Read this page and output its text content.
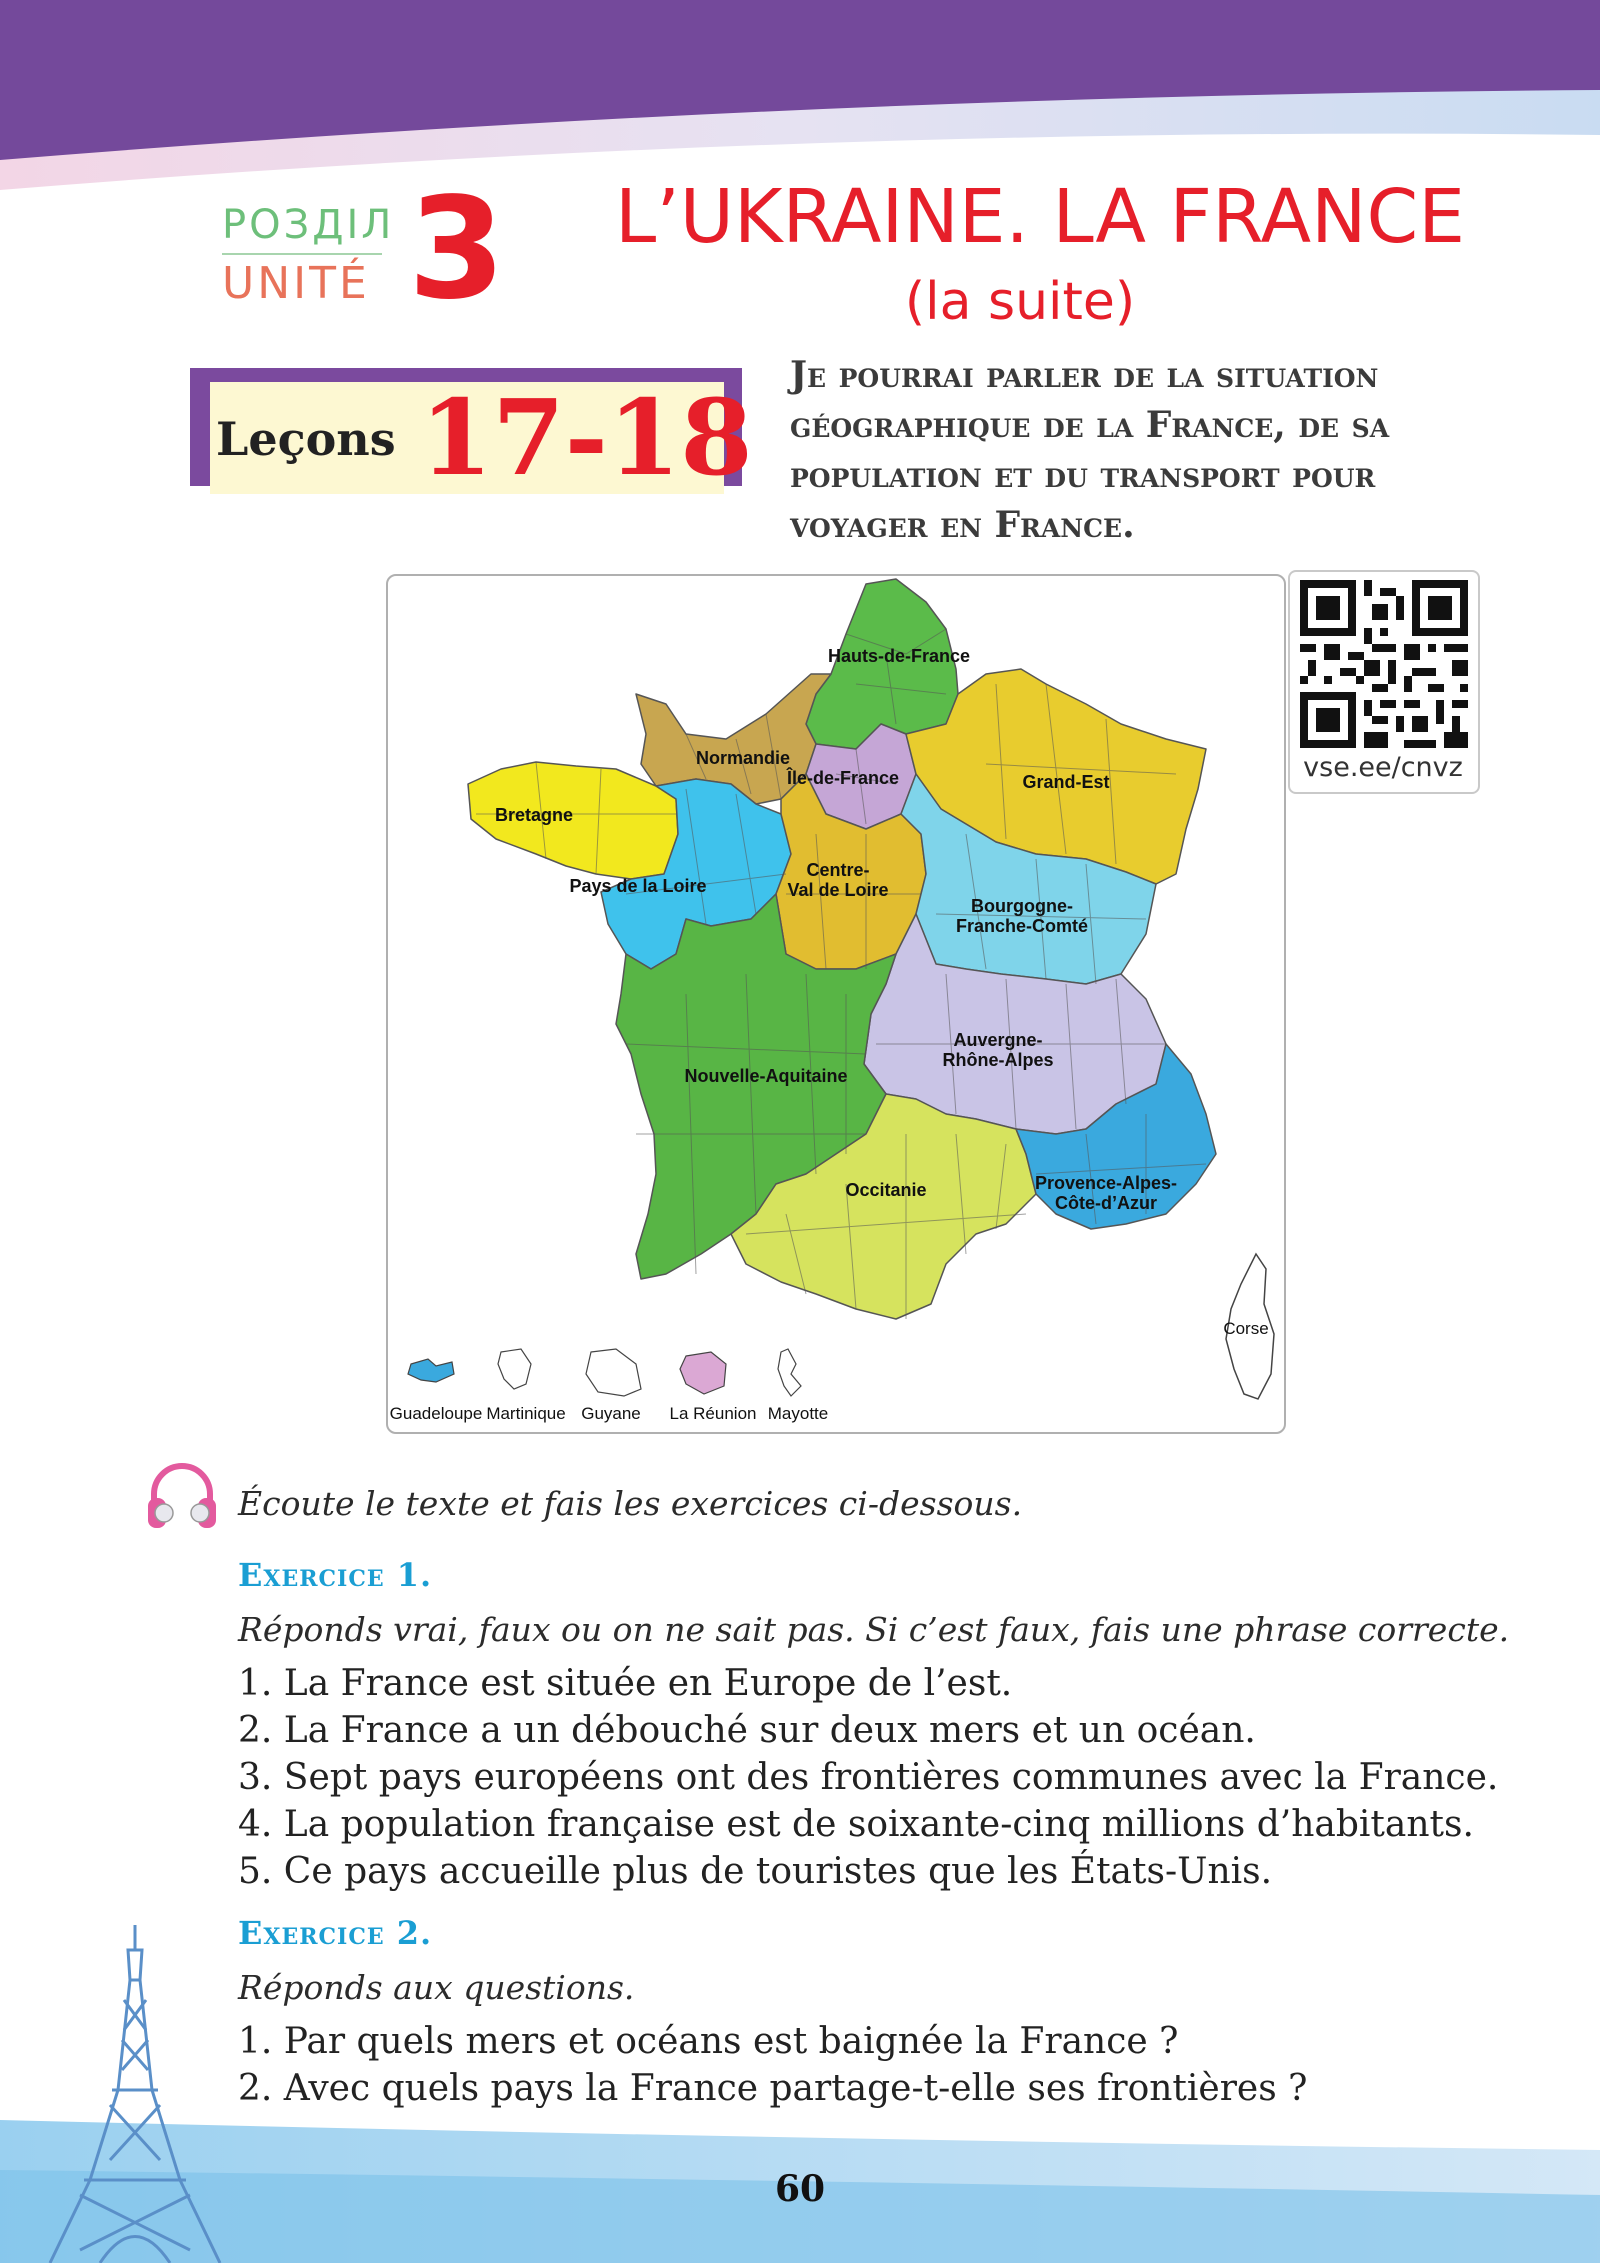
РОЗДІЛ
UNITÉ 3	L’UKRAINE. LA FRANCE
(la suite)
Leçons 17-18
Je pourrai parler de la situation géographique de la France, de sa population et du transport pour voyager en France.
Hauts-de-France
Normandie
Île-de-France	Grand-Est
Bretagne
Pays de la Loire
Centre-
Val de Loire
Bourgogne-
Franche-Comté
Auvergne-
Rhône-Alpes
Nouvelle-Aquitaine
Occitanie	Provence-Alpes-
Côte-d’Azur
Corse
Guadeloupe Martinique Guyane La Réunion Mayotte
vse.ee/cnvz
Écoute le texte et fais les exercices ci-dessous.
Exercice 1.
Réponds vrai, faux ou on ne sait pas. Si c’est faux, fais une phrase correcte.
1. La France est située en Europe de l’est.
2. La France a un débouché sur deux mers et un océan.
3. Sept pays européens ont des frontières communes avec la France.
4. La population française est de soixante-cinq millions d’habitants.
5. Ce pays accueille plus de touristes que les États-Unis.
Exercice 2.
Réponds aux questions.
1. Par quels mers et océans est baignée la France ?
2. Avec quels pays la France partage-t-elle ses frontières ?
60
